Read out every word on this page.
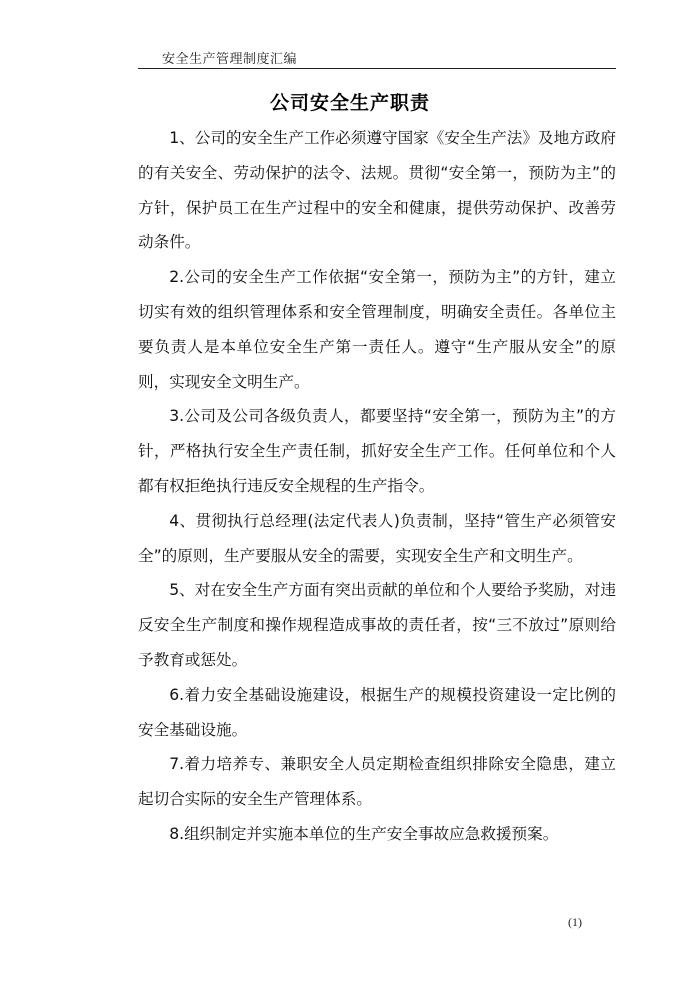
安全生产管理制度汇编
公司安全生产职责

1、公司的安全生产工作必须遵守国家《安全生产法》及地方政府的有关安全、劳动保护的法令、法规。贯彻“安全第一，预防为主”的方针，保护员工在生产过程中的安全和健康，提供劳动保护、改善劳动条件。

2.公司的安全生产工作依据“安全第一，预防为主”的方针，建立切实有效的组织管理体系和安全管理制度，明确安全责任。各单位主要负责人是本单位安全生产第一责任人。遵守“生产服从安全”的原则，实现安全文明生产。

3.公司及公司各级负责人，都要坚持“安全第一，预防为主”的方针，严格执行安全生产责任制，抓好安全生产工作。任何单位和个人都有权拒绝执行违反安全规程的生产指令。

4、贯彻执行总经理(法定代表人)负责制，坚持“管生产必须管安全”的原则，生产要服从安全的需要，实现安全生产和文明生产。

5、对在安全生产方面有突出贡献的单位和个人要给予奖励，对违反安全生产制度和操作规程造成事故的责任者，按“三不放过”原则给予教育或惩处。

6.着力安全基础设施建设，根据生产的规模投资建设一定比例的安全基础设施。

7.着力培养专、兼职安全人员定期检查组织排除安全隐患，建立起切合实际的安全生产管理体系。

8.组织制定并实施本单位的生产安全事故应急救援预案。

(1)
